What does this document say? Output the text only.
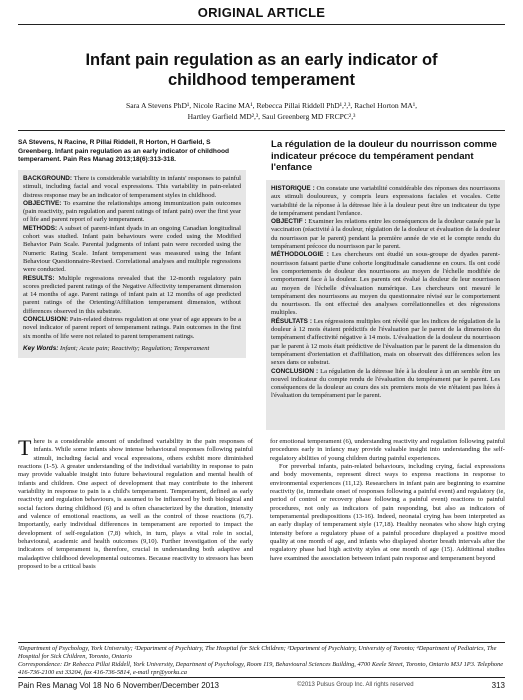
ORIGINAL ARTICLE
Infant pain regulation as an early indicator of
childhood temperament
Sara A Stevens PhD¹, Nicole Racine MA¹, Rebecca Pillai Riddell PhD¹,²,³, Rachel Horton MA¹,
Hartley Garfield MD²,³, Saul Greenberg MD FRCPC²,³
SA Stevens, N Racine, R Pillai Riddell, R Horton, H Garfield, S Greenberg. Infant pain regulation as an early indicator of childhood temperament. Pain Res Manag 2013;18(6):313-318.
La régulation de la douleur du nourrisson comme indicateur précoce du tempérament pendant l'enfance

BACKGROUND: There is considerable variability in infants' responses to painful stimuli, including facial and vocal expressions. This variability in pain-related distress response may be an indicator of temperament styles in childhood.

OBJECTIVE: To examine the relationships among immunization pain outcomes (pain reactivity, pain regulation and parent ratings of infant pain) over the first year of life and parent report of early temperament.

METHODS: A subset of parent-infant dyads in an ongoing Canadian longitudinal cohort was studied. Infant pain behaviours were coded using the Modified Behavior Pain Scale. Parental judgments of infant pain were recorded using the Numeric Rating Scale. Infant temperament was measured using the Infant Behaviour Questionnaire-Revised. Correlational analyses and multiple regressions were conducted.

RESULTS: Multiple regressions revealed that the 12-month regulatory pain scores predicted parent ratings of the Negative Affectivity temperament dimension at 14 months of age. Parent ratings of infant pain at 12 months of age predicted parent ratings of the Orienting/Affiliation temperament dimension, without differences observed in this substrate.

CONCLUSION: Pain-related distress regulation at one year of age appears to be a novel indicator of parent report of temperament ratings. Pain outcomes in the first six months of life were not related to parent temperament ratings.

Key Words: Infant; Acute pain; Reactivity; Regulation; Temperament

HISTORIQUE : On constate une variabilité considérable des réponses des nourrissons aux stimuli douloureux, y compris leurs expressions faciales et vocales. Cette variabilité de la réponse à la détresse liée à la douleur peut être un indicateur du type de tempérament pendant l'enfance.

OBJECTIF : Examiner les relations entre les conséquences de la douleur causée par la vaccination (réactivité à la douleur, régulation de la douleur et évaluation de la douleur du nourrisson par le parent) pendant la première année de vie et le compte rendu du tempérament précoce du nourrisson par le parent.

MÉTHODOLOGIE : Les chercheurs ont étudié un sous-groupe de dyades parent-nourrisson faisant partie d'une cohorte longitudinale canadienne en cours. Ils ont codé les comportements de douleur des nourrissons au moyen de l'échelle modifiée de comportement face à la douleur. Les parents ont évalué la douleur de leur nourrisson au moyen de l'échelle d'évaluation numérique. Les chercheurs ont mesuré le tempérament des nourrissons au moyen du questionnaire révisé sur le comportement du nourrisson. Ils ont effectué des analyses corrélationnelles et des régressions multiples.

RÉSULTATS : Les régressions multiples ont révélé que les indices de régulation de la douleur à 12 mois étaient prédictifs de l'évaluation par le parent de la dimension du tempérament d'affectivité négative à 14 mois. L'évaluation de la douleur du nourrisson par le parent à 12 mois était prédictive de l'évaluation par le parent de la dimension du tempérament d'orientation et d'affiliation, mais on observait des différences selon les sexes dans ce substrat.

CONCLUSION : La régulation de la détresse liée à la douleur à un an semble être un nouvel indicateur du compte rendu de l'évaluation du tempérament par le parent. Les conséquences de la douleur au cours des six premiers mois de vie n'étaient pas liées à l'évaluation du tempérament par le parent.

There is a considerable amount of undefined variability in the pain responses of infants. While some infants show intense behavioural responses following painful stimuli, including facial and vocal expressions, others exhibit more diminished reactions (1-5). A greater understanding of the individual variability in response to pain may provide valuable insight into future behavioural regulation and mental health of infants and children. One aspect of development that may contribute to the inherent variability in response to pain is a child's temperament. Temperament, defined as early reactivity and regulation behaviours, is assumed to be influenced by both biological and social factors during childhood (6) and is often characterized by the duration, intensity and valence of emotional reactions, as well as the control of those reactions (6,7). Importantly, early individual differences in temperament are reported to impact the development of self-regulation (7,8) which, in turn, plays a vital role in social, behavioural, academic and health outcomes (9,10). Further investigation of the early indicators of temperament is, therefore, crucial in understanding both adaptive and maladaptive childhood developmental outcomes. Because reactivity to stressors has been proposed to be a critical basis

for emotional temperament (6), understanding reactivity and regulation following painful procedures early in infancy may provide valuable insight into understanding the self-regulatory abilities of young children during painful experiences.

For preverbal infants, pain-related behaviours, including crying, facial expressions and body movements, represent direct ways to express reactions in response to environmental experiences (11,12). Researchers in infant pain are beginning to examine reactivity (ie, immediate onset of responses following a painful event) and regulatory (ie, period of control or recovery phase following a painful event) reactions to painful procedures, not only as indicators of pain responding, but also as indicators of temperamental predispositions (13-16). Indeed, neonatal crying has been interpreted as an early display of temperament style (17,18). Healthy neonates who show high crying intensity before a regulatory phase of a painful procedure displayed a positive mood quality at one month of age, and infants who displayed shorter breath intervals after the regulatory phase had high activity styles at one month of age (15). Additional studies have examined the association between infant pain response and temperament beyond

¹Department of Psychology, York University; ²Department of Psychiatry, The Hospital for Sick Children; ³Department of Psychiatry, University of Toronto; ⁴Department of Pediatrics, The Hospital for Sick Children, Toronto, Ontario
Correspondence: Dr Rebecca Pillai Riddell, York University, Department of Psychology, Room 119, Behavioural Sciences Building, 4700 Keele Street, Toronto, Ontario M3J 1P3. Telephone 416-736-2100 ext 33204, fax 416-736-5814, e-mail rpr@yorku.ca
Pain Res Manag Vol 18 No 6 November/December 2013	©2013 Pulsus Group Inc. All rights reserved	313
